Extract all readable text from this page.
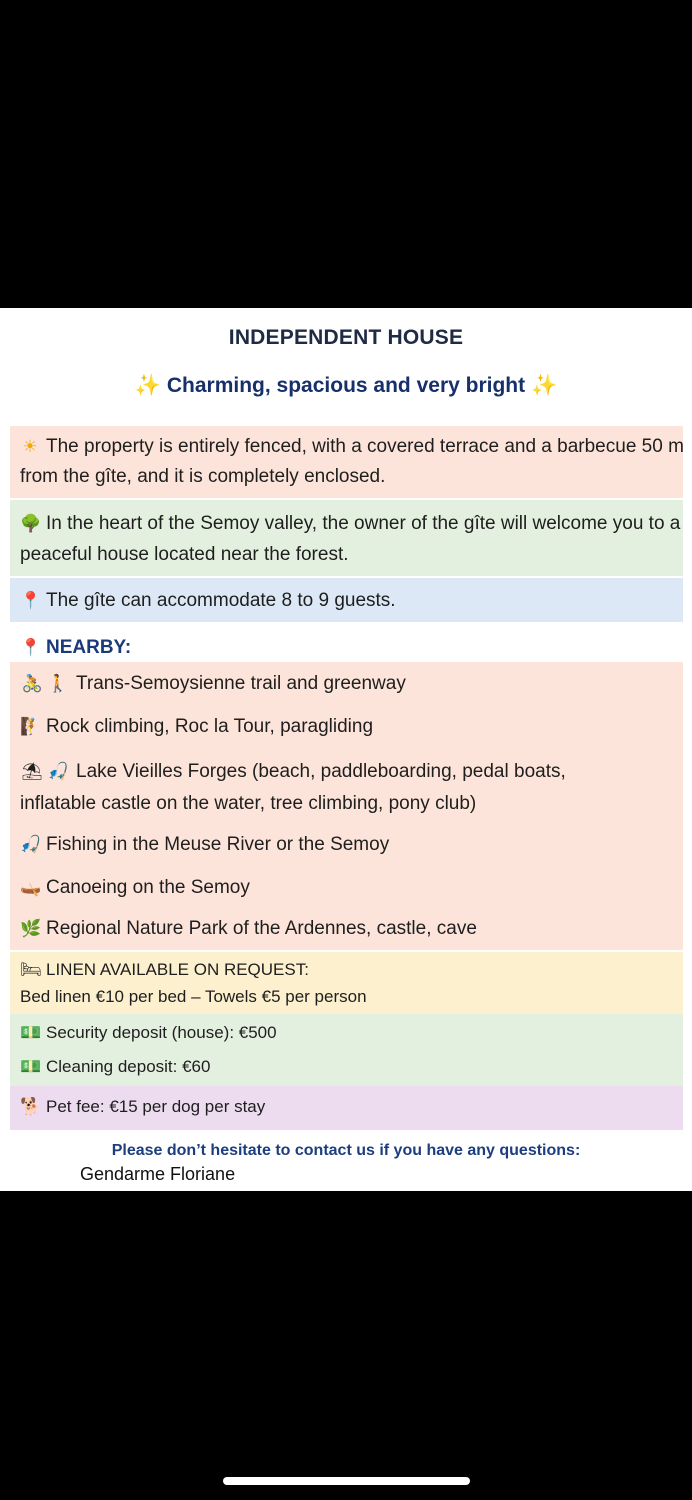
INDEPENDENT HOUSE
✨ Charming, spacious and very bright ✨
☀ The property is entirely fenced, with a covered terrace and a barbecue 50 m
from the gîte, and it is completely enclosed.
🌳 In the heart of the Semoy valley, the owner of the gîte will welcome you to a
peaceful house located near the forest.
📍 The gîte can accommodate 8 to 9 guests.
📍 NEARBY:
🚴 🚶 Trans-Semoysienne trail and greenway
🧗 Rock climbing, Roc la Tour, paragliding
⛱ 🎣 Lake Vieilles Forges (beach, paddleboarding, pedal boats,
inflatable castle on the water, tree climbing, pony club)
🎣 Fishing in the Meuse River or the Semoy
🛶 Canoeing on the Semoy
🌿 Regional Nature Park of the Ardennes, castle, cave
🛏 LINEN AVAILABLE ON REQUEST:
Bed linen €10 per bed – Towels €5 per person
💵 Security deposit (house): €500
💵 Cleaning deposit: €60
🐕 Pet fee: €15 per dog per stay
Please don’t hesitate to contact us if you have any questions:
Gendarme Floriane
